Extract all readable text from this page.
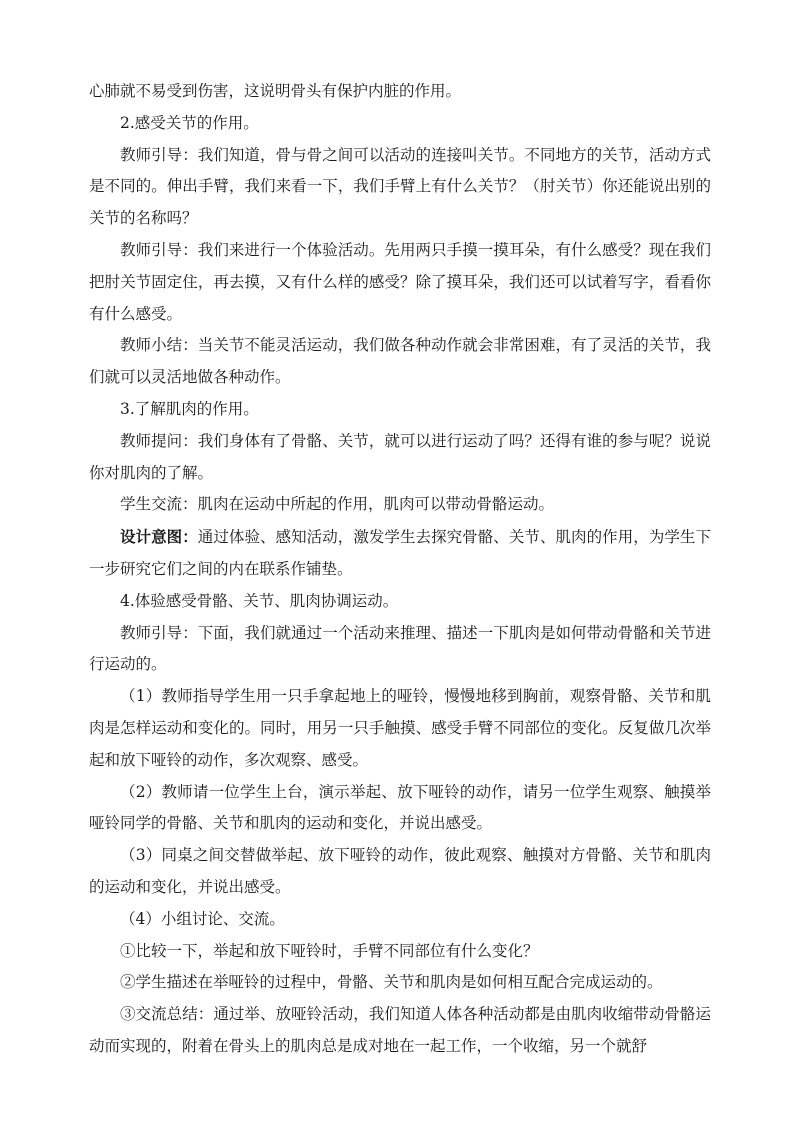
心肺就不易受到伤害，这说明骨头有保护内脏的作用。

2.感受关节的作用。

教师引导：我们知道，骨与骨之间可以活动的连接叫关节。不同地方的关节，活动方式是不同的。伸出手臂，我们来看一下，我们手臂上有什么关节？（肘关节）你还能说出别的关节的名称吗？

教师引导：我们来进行一个体验活动。先用两只手摸一摸耳朵，有什么感受？现在我们把肘关节固定住，再去摸，又有什么样的感受？除了摸耳朵，我们还可以试着写字，看看你有什么感受。

教师小结：当关节不能灵活运动，我们做各种动作就会非常困难，有了灵活的关节，我们就可以灵活地做各种动作。

3.了解肌肉的作用。

教师提问：我们身体有了骨骼、关节，就可以进行运动了吗？还得有谁的参与呢？说说你对肌肉的了解。

学生交流：肌肉在运动中所起的作用，肌肉可以带动骨骼运动。

设计意图：通过体验、感知活动，激发学生去探究骨骼、关节、肌肉的作用，为学生下一步研究它们之间的内在联系作铺垫。

4.体验感受骨骼、关节、肌肉协调运动。

教师引导：下面，我们就通过一个活动来推理、描述一下肌肉是如何带动骨骼和关节进行运动的。

（1）教师指导学生用一只手拿起地上的哑铃，慢慢地移到胸前，观察骨骼、关节和肌肉是怎样运动和变化的。同时，用另一只手触摸、感受手臂不同部位的变化。反复做几次举起和放下哑铃的动作，多次观察、感受。

（2）教师请一位学生上台，演示举起、放下哑铃的动作，请另一位学生观察、触摸举哑铃同学的骨骼、关节和肌肉的运动和变化，并说出感受。

（3）同桌之间交替做举起、放下哑铃的动作，彼此观察、触摸对方骨骼、关节和肌肉的运动和变化，并说出感受。

（4）小组讨论、交流。

①比较一下，举起和放下哑铃时，手臂不同部位有什么变化？

②学生描述在举哑铃的过程中，骨骼、关节和肌肉是如何相互配合完成运动的。

③交流总结：通过举、放哑铃活动，我们知道人体各种活动都是由肌肉收缩带动骨骼运动而实现的，附着在骨头上的肌肉总是成对地在一起工作，一个收缩，另一个就舒
